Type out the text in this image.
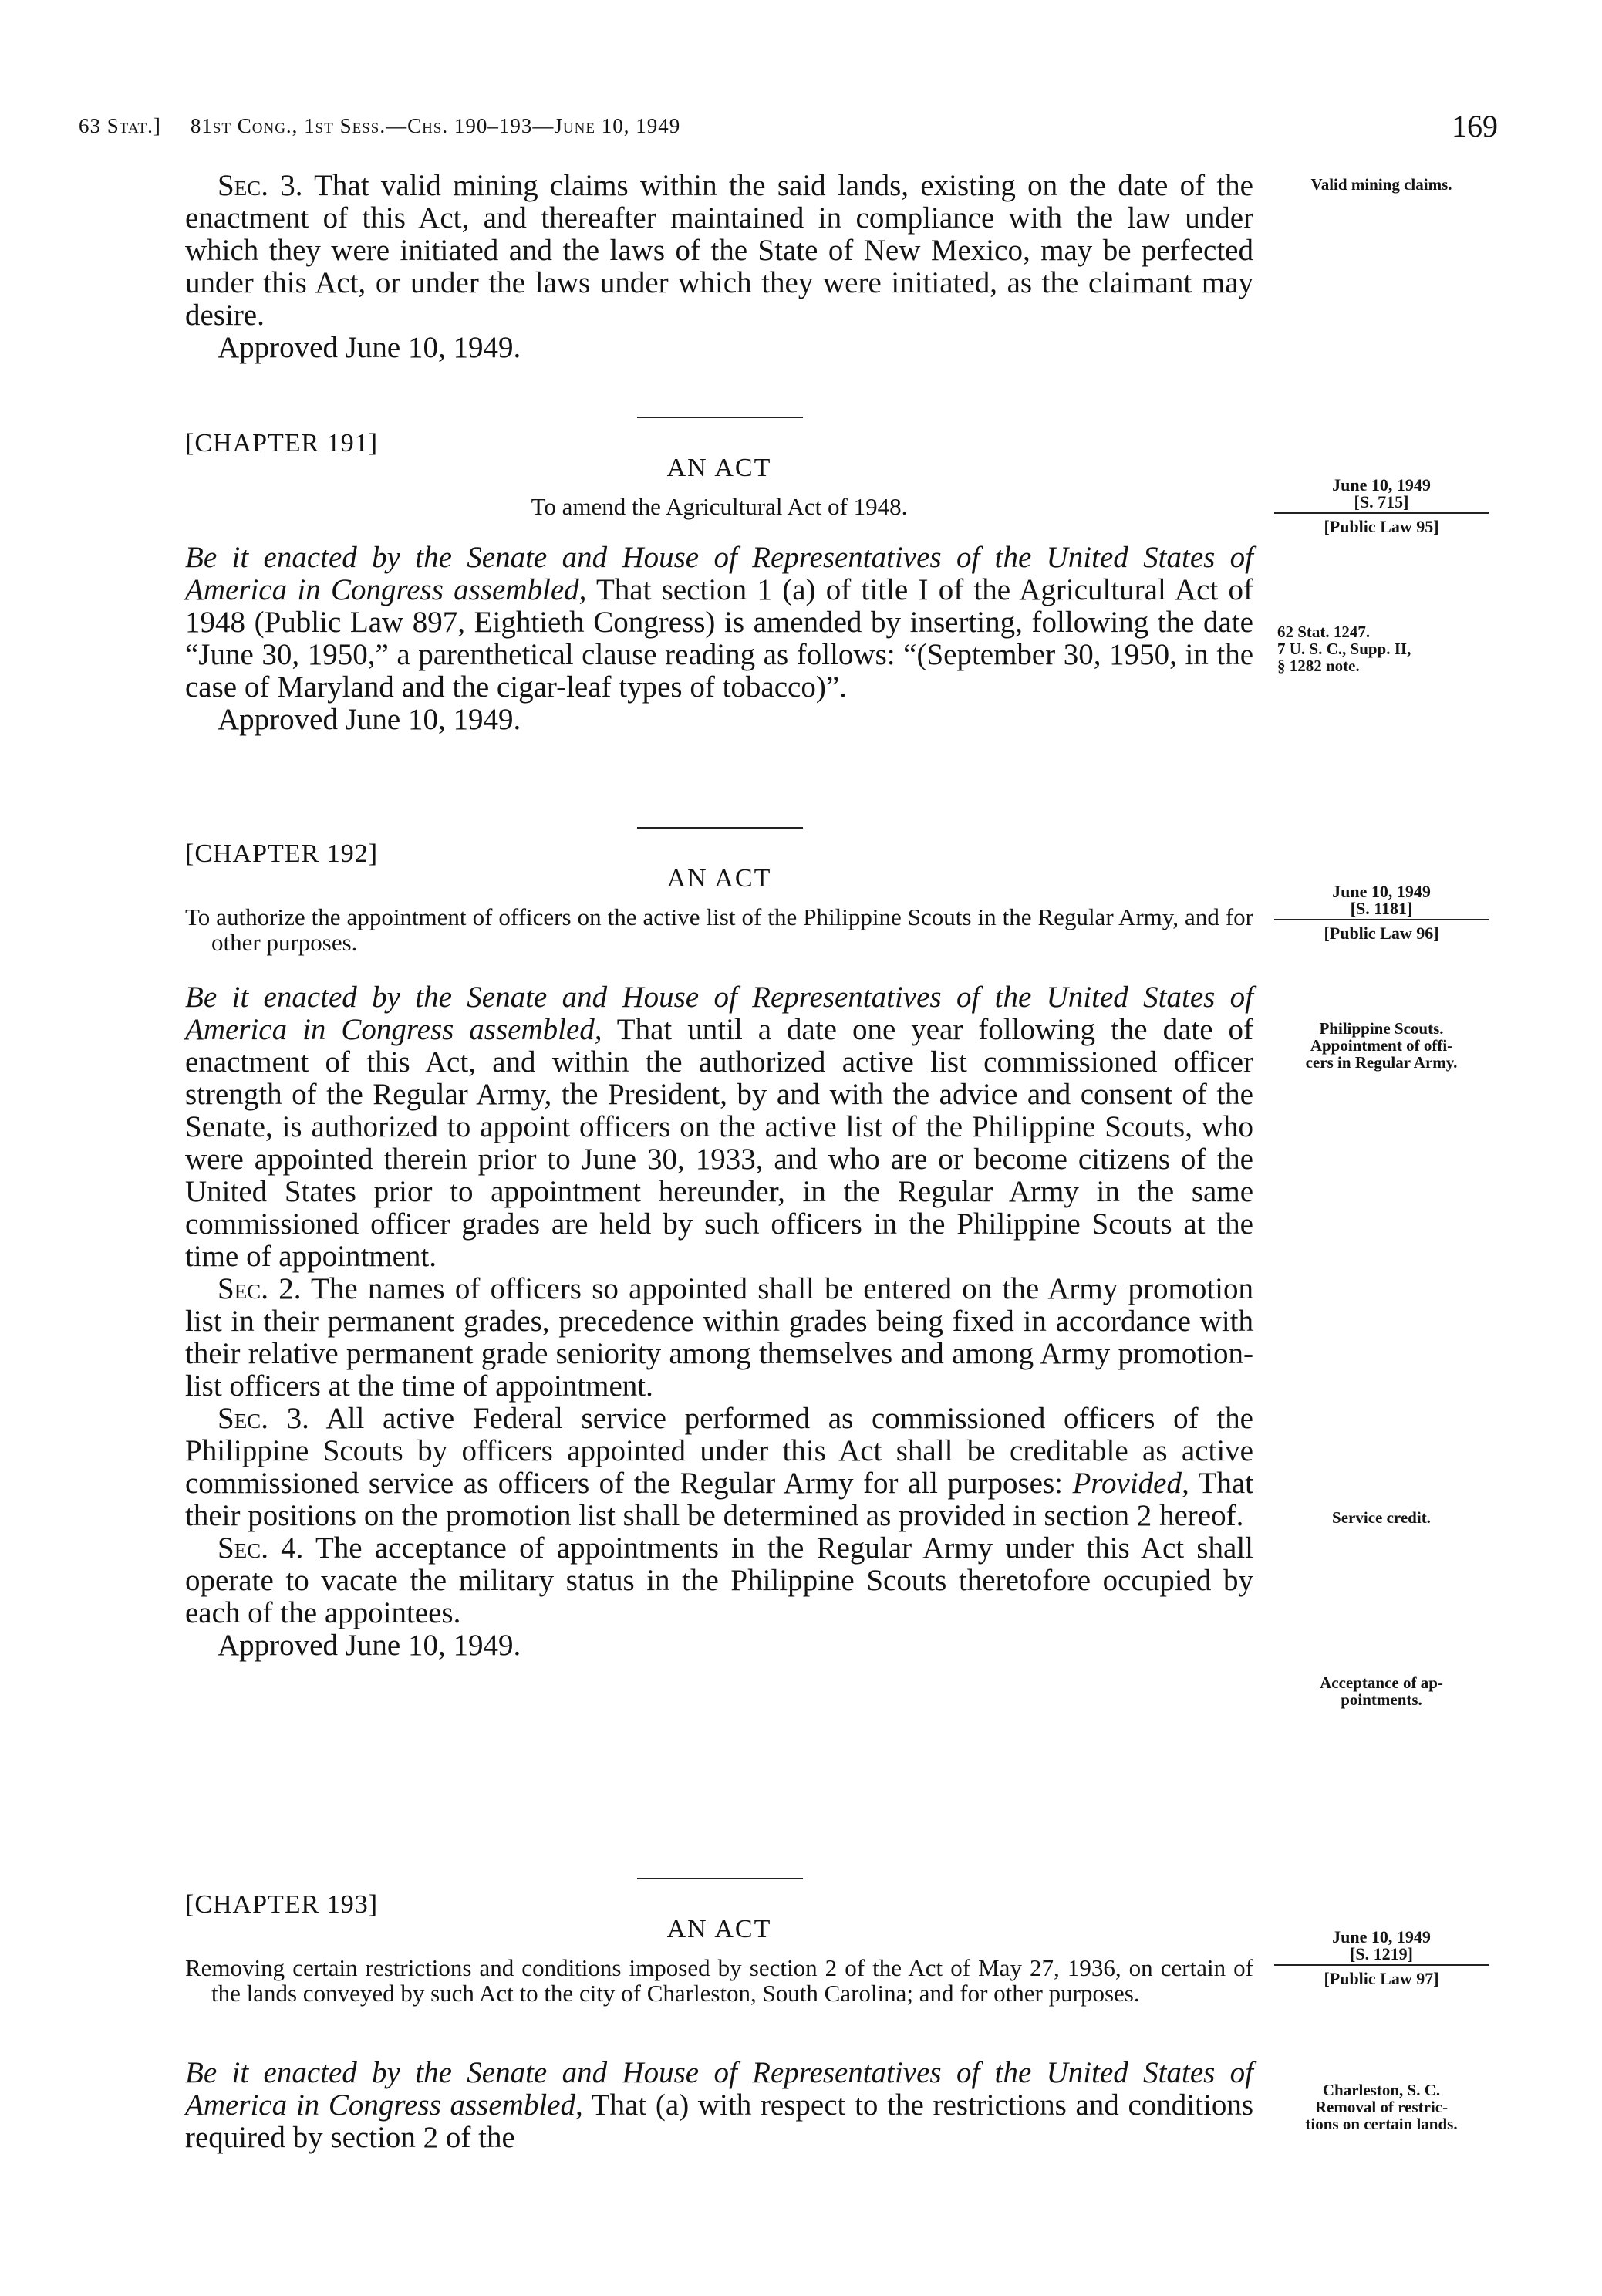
63 Stat.] 81st Cong., 1st Sess.—Chs. 190–193—June 10, 1949	169

Sec. 3. That valid mining claims within the said lands, existing on the date of the enactment of this Act, and thereafter maintained in compliance with the law under which they were initiated and the laws of the State of New Mexico, may be perfected under this Act, or under the laws under which they were initiated, as the claimant may desire.

Approved June 10, 1949.

Valid mining claims.
[CHAPTER 191]
AN ACT
To amend the Agricultural Act of 1948.
June 10, 1949
[S. 715]
[Public Law 95]

Be it enacted by the Senate and House of Representatives of the United States of America in Congress assembled, That section 1 (a) of title I of the Agricultural Act of 1948 (Public Law 897, Eightieth Congress) is amended by inserting, following the date “June 30, 1950,” a parenthetical clause reading as follows: “(September 30, 1950, in the case of Maryland and the cigar-leaf types of tobacco)”.

Approved June 10, 1949.

62 Stat. 1247.
7 U. S. C., Supp. II,
§ 1282 note.
[CHAPTER 192]
AN ACT
To authorize the appointment of officers on the active list of the Philippine Scouts in the Regular Army, and for other purposes.
June 10, 1949
[S. 1181]
[Public Law 96]

Be it enacted by the Senate and House of Representatives of the United States of America in Congress assembled, That until a date one year following the date of enactment of this Act, and within the authorized active list commissioned officer strength of the Regular Army, the President, by and with the advice and consent of the Senate, is authorized to appoint officers on the active list of the Philippine Scouts, who were appointed therein prior to June 30, 1933, and who are or become citizens of the United States prior to appointment hereunder, in the Regular Army in the same commissioned officer grades are held by such officers in the Philippine Scouts at the time of appointment.

Sec. 2. The names of officers so appointed shall be entered on the Army promotion list in their permanent grades, precedence within grades being fixed in accordance with their relative permanent grade seniority among themselves and among Army promotion-list officers at the time of appointment.

Sec. 3. All active Federal service performed as commissioned officers of the Philippine Scouts by officers appointed under this Act shall be creditable as active commissioned service as officers of the Regular Army for all purposes: Provided, That their positions on the promotion list shall be determined as provided in section 2 hereof.

Sec. 4. The acceptance of appointments in the Regular Army under this Act shall operate to vacate the military status in the Philippine Scouts theretofore occupied by each of the appointees.

Approved June 10, 1949.

Philippine Scouts.
Appointment of offi-
cers in Regular Army.
Service credit.
Acceptance of ap-
pointments.
[CHAPTER 193]
AN ACT
Removing certain restrictions and conditions imposed by section 2 of the Act of May 27, 1936, on certain of the lands conveyed by such Act to the city of Charleston, South Carolina; and for other purposes.
June 10, 1949
[S. 1219]
[Public Law 97]

Be it enacted by the Senate and House of Representatives of the United States of America in Congress assembled, That (a) with respect to the restrictions and conditions required by section 2 of the

Charleston, S. C.
Removal of restric-
tions on certain lands.
